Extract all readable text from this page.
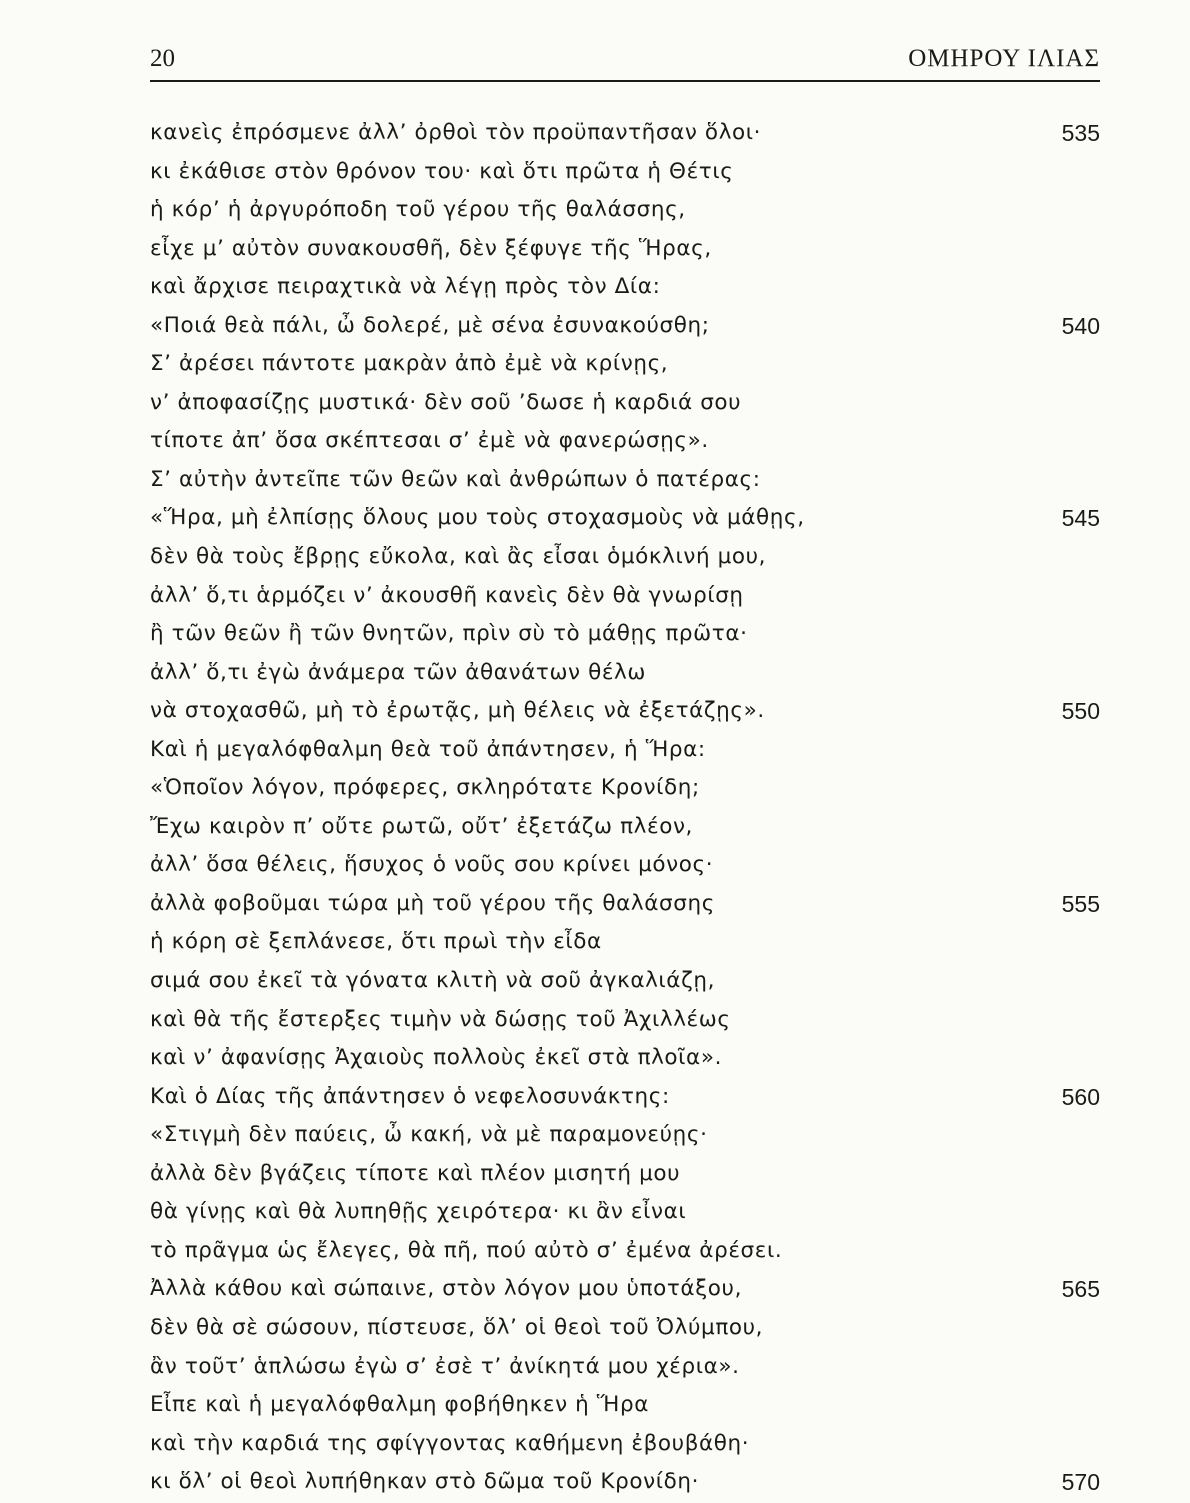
20	ΟΜΗΡΟΥ ΙΛΙΑΣ
κανεὶς ἐπρόσμενε ἀλλ’ ὀρθοὶ τὸν προϋπαντῆσαν ὅλοι·	535
κι ἐκάθισε στὸν θρόνον του· καὶ ὅτι πρῶτα ἡ Θέτις
ἡ κόρ’ ἡ ἀργυρόποδη τοῦ γέρου τῆς θαλάσσης,
εἶχε μ’ αὐτὸν συνακουσθῆ, δὲν ξέφυγε τῆς Ἥρας,
καὶ ἄρχισε πειραχτικὰ νὰ λέγῃ πρὸς τὸν Δία:
«Ποιά θεὰ πάλι, ὦ δολερέ, μὲ σένα ἐσυνακούσθη;	540
Σ’ ἀρέσει πάντοτε μακρὰν ἀπὸ ἐμὲ νὰ κρίνῃς,
ν’ ἀποφασίζῃς μυστικά· δὲν σοῦ ’δωσε ἡ καρδιά σου
τίποτε ἀπ’ ὅσα σκέπτεσαι σ’ ἐμὲ νὰ φανερώσῃς».
Σ’ αὐτὴν ἀντεῖπε τῶν θεῶν καὶ ἀνθρώπων ὁ πατέρας:
«Ἥρα, μὴ ἐλπίσῃς ὅλους μου τοὺς στοχασμοὺς νὰ μάθῃς,	545
δὲν θὰ τοὺς ἔβρῃς εὔκολα, καὶ ἂς εἶσαι ὁμόκλινή μου,
ἀλλ’ ὅ,τι ἁρμόζει ν’ ἀκουσθῆ κανεὶς δὲν θὰ γνωρίσῃ
ἢ τῶν θεῶν ἢ τῶν θνητῶν, πρὶν σὺ τὸ μάθῃς πρῶτα·
ἀλλ’ ὅ,τι ἐγὼ ἀνάμερα τῶν ἀθανάτων θέλω
νὰ στοχασθῶ, μὴ τὸ ἐρωτᾷς, μὴ θέλεις νὰ ἐξετάζῃς».	550
Καὶ ἡ μεγαλόφθαλμη θεὰ τοῦ ἀπάντησεν, ἡ Ἥρα:
«Ὁποῖον λόγον, πρόφερες, σκληρότατε Κρονίδη;
Ἔχω καιρὸν π’ οὔτε ρωτῶ, οὔτ’ ἐξετάζω πλέον,
ἀλλ’ ὅσα θέλεις, ἥσυχος ὁ νοῦς σου κρίνει μόνος·
ἀλλὰ φοβοῦμαι τώρα μὴ τοῦ γέρου τῆς θαλάσσης	555
ἡ κόρη σὲ ξεπλάνεσε, ὅτι πρωὶ τὴν εἶδα
σιμά σου ἐκεῖ τὰ γόνατα κλιτὴ νὰ σοῦ ἀγκαλιάζῃ,
καὶ θὰ τῆς ἔστερξες τιμὴν νὰ δώσῃς τοῦ Ἀχιλλέως
καὶ ν’ ἀφανίσῃς Ἀχαιοὺς πολλοὺς ἐκεῖ στὰ πλοῖα».
Καὶ ὁ Δίας τῆς ἀπάντησεν ὁ νεφελοσυνάκτης:	560
«Στιγμὴ δὲν παύεις, ὦ κακή, νὰ μὲ παραμονεύῃς·
ἀλλὰ δὲν βγάζεις τίποτε καὶ πλέον μισητή μου
θὰ γίνῃς καὶ θὰ λυπηθῇς χειρότερα· κι ἂν εἶναι
τὸ πρᾶγμα ὡς ἔλεγες, θὰ πῆ, πού αὐτὸ σ’ ἐμένα ἀρέσει.
Ἀλλὰ κάθου καὶ σώπαινε, στὸν λόγον μου ὑποτάξου,	565
δὲν θὰ σὲ σώσουν, πίστευσε, ὅλ’ οἱ θεοὶ τοῦ Ὀλύμπου,
ἂν τοῦτ’ ἁπλώσω ἐγὼ σ’ ἐσὲ τ’ ἀνίκητά μου χέρια».
Εἶπε καὶ ἡ μεγαλόφθαλμη φοβήθηκεν ἡ Ἥρα
καὶ τὴν καρδιά της σφίγγοντας καθήμενη ἐβουβάθη·
κι ὅλ’ οἱ θεοὶ λυπήθηκαν στὸ δῶμα τοῦ Κρονίδη·	570
